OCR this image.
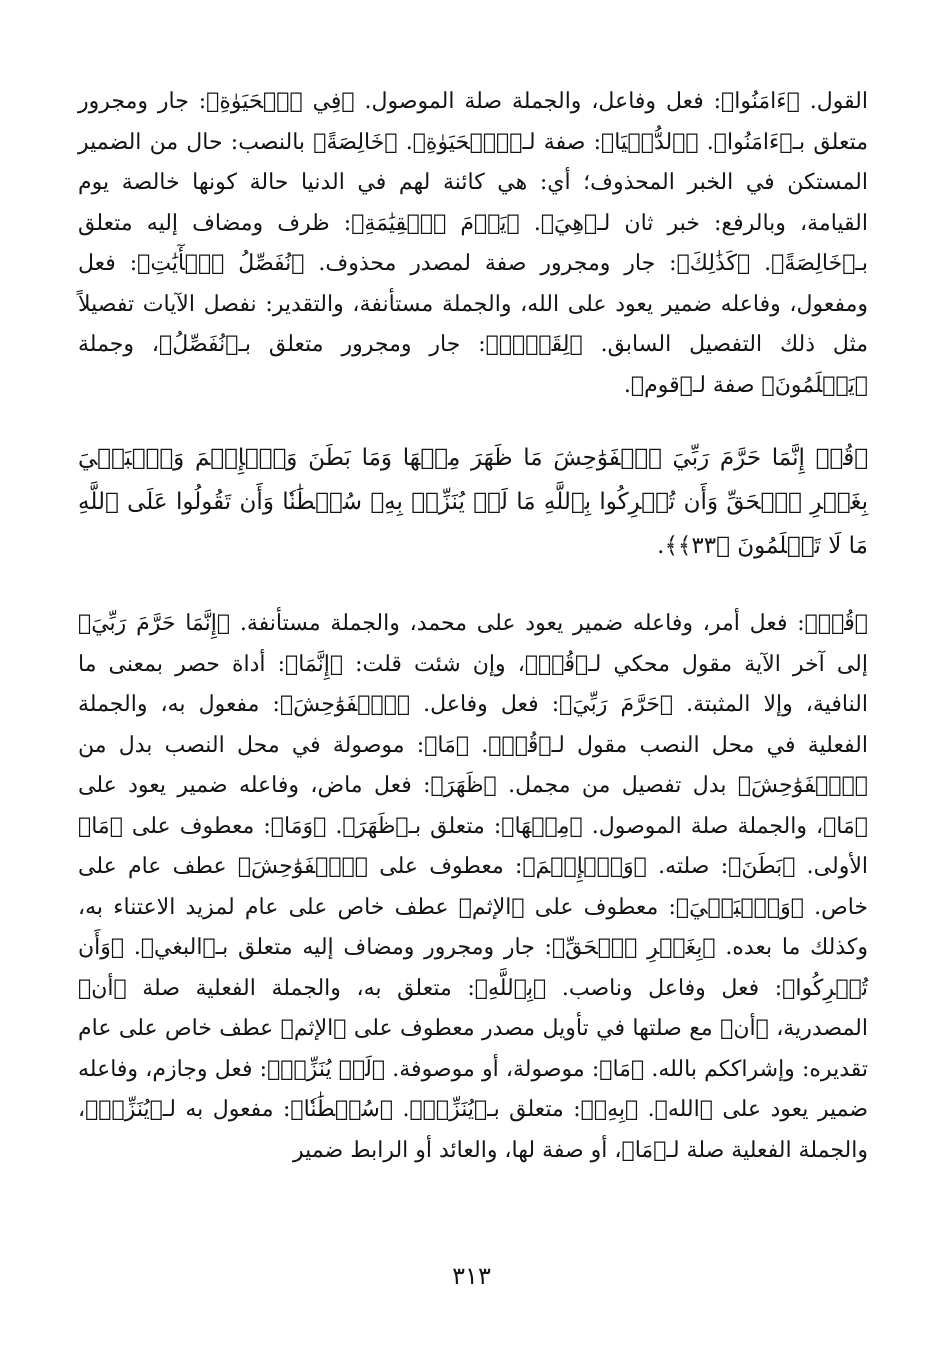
القول. ﴿ءَامَنُوا﴾: فعل وفاعل، والجملة صلة الموصول. ﴿فِي ٱلۡحَيَوٰةِ﴾: جار ومجرور متعلق بـ﴿ءَامَنُوا﴾. ﴿ٱلدُّنۡيَا﴾: صفة لـ﴿ٱلۡحَيَوٰةِ﴾. ﴿خَالِصَةً﴾ بالنصب: حال من الضمير المستكن في الخبر المحذوف؛ أي: هي كائنة لهم في الدنيا حالة كونها خالصة يوم القيامة، وبالرفع: خبر ثان لـ﴿هِيَ﴾. ﴿يَوۡمَ ٱلۡقِيَٰمَةِ﴾: ظرف ومضاف إليه متعلق بـ﴿خَالِصَةً﴾. ﴿كَذَٰلِكَ﴾: جار ومجرور صفة لمصدر محذوف. ﴿نُفَصِّلُ ٱلۡأٓيَٰتِ﴾: فعل ومفعول، وفاعله ضمير يعود على الله، والجملة مستأنفة، والتقدير: نفصل الآيات تفصيلاً مثل ذلك التفصيل السابق. ﴿لِقَوۡمٖ﴾: جار ومجرور متعلق بـ﴿نُفَصِّلُ﴾، وجملة ﴿يَعۡلَمُونَ﴾ صفة لـ﴿قوم﴾.

﴿قُلۡ إِنَّمَا حَرَّمَ رَبِّيَ ٱلۡفَوَٰحِشَ مَا ظَهَرَ مِنۡهَا وَمَا بَطَنَ وَٱلۡإِثۡمَ وَٱلۡبَغۡيَ بِغَيۡرِ ٱلۡحَقِّ وَأَن تُشۡرِكُوا بِٱللَّهِ مَا لَمۡ يُنَزِّلۡ بِهِۦ سُلۡطَٰنٗا وَأَن تَقُولُوا عَلَى ٱللَّهِ مَا لَا تَعۡلَمُونَ ﴿٣٣﴾﴾.

﴿قُلۡ﴾: فعل أمر، وفاعله ضمير يعود على محمد، والجملة مستأنفة. ﴿إِنَّمَا حَرَّمَ رَبِّيَ﴾ إلى آخر الآية مقول محكي لـ﴿قُلۡ﴾، وإن شئت قلت: ﴿إِنَّمَا﴾: أداة حصر بمعنى ما النافية، وإلا المثبتة. ﴿حَرَّمَ رَبِّيَ﴾: فعل وفاعل. ﴿ٱلۡفَوَٰحِشَ﴾: مفعول به، والجملة الفعلية في محل النصب مقول لـ﴿قُلۡ﴾. ﴿مَا﴾: موصولة في محل النصب بدل من ﴿ٱلۡفَوَٰحِشَ﴾ بدل تفصيل من مجمل. ﴿ظَهَرَ﴾: فعل ماض، وفاعله ضمير يعود على ﴿مَا﴾، والجملة صلة الموصول. ﴿مِنۡهَا﴾: متعلق بـ﴿ظَهَرَ﴾. ﴿وَمَا﴾: معطوف على ﴿مَا﴾ الأولى. ﴿بَطَنَ﴾: صلته. ﴿وَٱلۡإِثۡمَ﴾: معطوف على ﴿ٱلۡفَوَٰحِشَ﴾ عطف عام على خاص. ﴿وَٱلۡبَغۡيَ﴾: معطوف على ﴿الإثم﴾ عطف خاص على عام لمزيد الاعتناء به، وكذلك ما بعده. ﴿بِغَيۡرِ ٱلۡحَقِّ﴾: جار ومجرور ومضاف إليه متعلق بـ﴿البغي﴾. ﴿وَأَن تُشۡرِكُوا﴾: فعل وفاعل وناصب. ﴿بِٱللَّهِ﴾: متعلق به، والجملة الفعلية صلة ﴿أن﴾ المصدرية، ﴿أن﴾ مع صلتها في تأويل مصدر معطوف على ﴿الإثم﴾ عطف خاص على عام تقديره: وإشراككم بالله. ﴿مَا﴾: موصولة، أو موصوفة. ﴿لَمۡ يُنَزِّلۡ﴾: فعل وجازم، وفاعله ضمير يعود على ﴿الله﴾. ﴿بِهِۦ﴾: متعلق بـ﴿يُنَزِّلۡ﴾. ﴿سُلۡطَٰنٗا﴾: مفعول به لـ﴿يُنَزِّلۡ﴾، والجملة الفعلية صلة لـ﴿مَا﴾، أو صفة لها، والعائد أو الرابط ضمير

٣١٣
